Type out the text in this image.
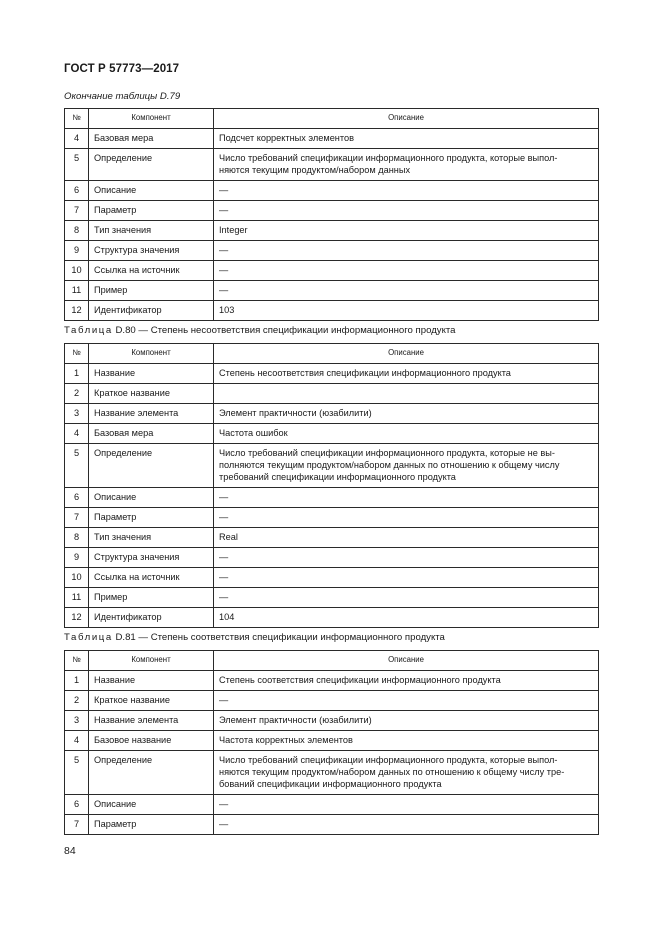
ГОСТ Р 57773—2017
Окончание таблицы D.79
№	Компонент	Описание
4	Базовая мера	Подсчет корректных элементов
5	Определение	Число требований спецификации информационного продукта, которые выпол-
няются текущим продуктом/набором данных
6	Описание	—
7	Параметр	—
8	Тип значения	Integer
9	Структура значения	—
10	Ссылка на источник	—
11	Пример	—
12	Идентификатор	103
Таблица D.80 — Степень несоответствия спецификации информационного продукта
№	Компонент	Описание
1	Название	Степень несоответствия спецификации информационного продукта
2	Краткое название	
3	Название элемента	Элемент практичности (юзабилити)
4	Базовая мера	Частота ошибок
5	Определение	Число требований спецификации информационного продукта, которые не вы-
полняются текущим продуктом/набором данных по отношению к общему числу
требований спецификации информационного продукта
6	Описание	—
7	Параметр	—
8	Тип значения	Real
9	Структура значения	—
10	Ссылка на источник	—
11	Пример	—
12	Идентификатор	104
Таблица D.81 — Степень соответствия спецификации информационного продукта
№	Компонент	Описание
1	Название	Степень соответствия спецификации информационного продукта
2	Краткое название	—
3	Название элемента	Элемент практичности (юзабилити)
4	Базовое название	Частота корректных элементов
5	Определение	Число требований спецификации информационного продукта, которые выпол-
няются текущим продуктом/набором данных по отношению к общему числу тре-
бований спецификации информационного продукта
6	Описание	—
7	Параметр	—
84
